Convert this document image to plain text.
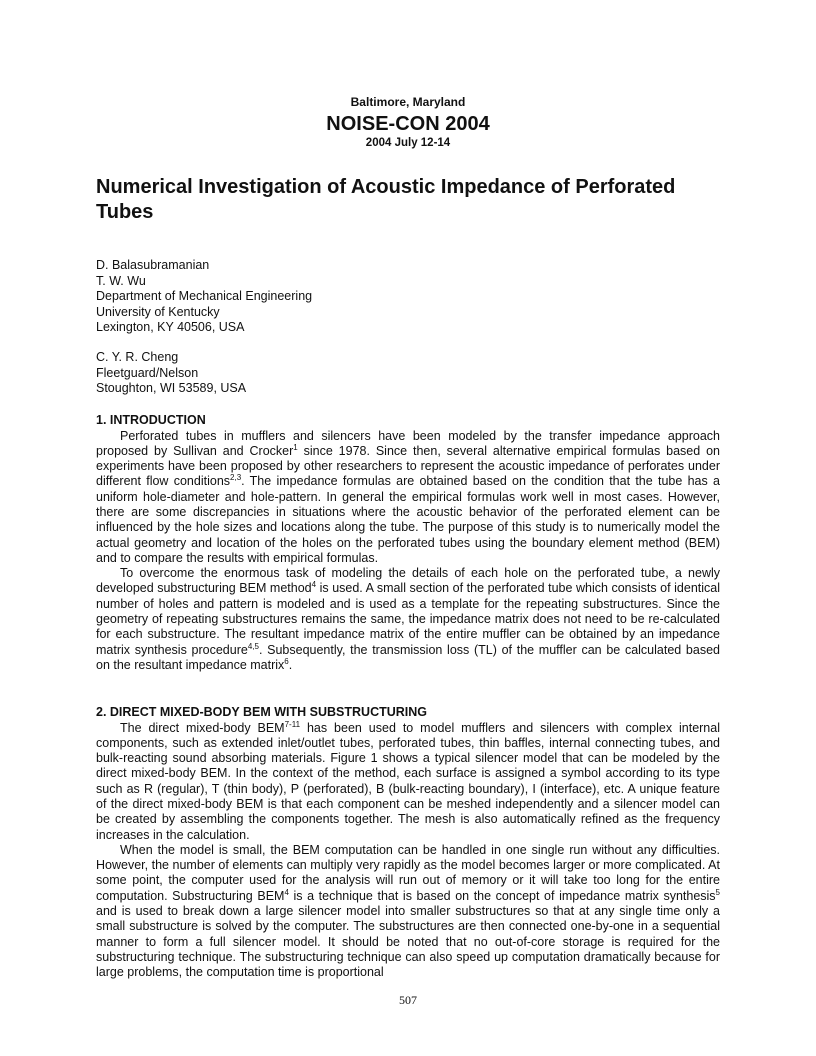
Baltimore, Maryland
NOISE-CON 2004
2004 July 12-14
Numerical Investigation of Acoustic Impedance of Perforated Tubes
D. Balasubramanian
T. W. Wu
Department of Mechanical Engineering
University of Kentucky
Lexington, KY 40506, USA
C. Y. R. Cheng
Fleetguard/Nelson
Stoughton, WI 53589, USA
1. INTRODUCTION

Perforated tubes in mufflers and silencers have been modeled by the transfer impedance approach proposed by Sullivan and Crocker$^1$ since 1978. Since then, several alternative empirical formulas based on experiments have been proposed by other researchers to represent the acoustic impedance of perforates under different flow conditions$^{2,3}$. The impedance formulas are obtained based on the condition that the tube has a uniform hole-diameter and hole-pattern. In general the empirical formulas work well in most cases. However, there are some discrepancies in situations where the acoustic behavior of the perforated element can be influenced by the hole sizes and locations along the tube. The purpose of this study is to numerically model the actual geometry and location of the holes on the perforated tubes using the boundary element method (BEM) and to compare the results with empirical formulas.

To overcome the enormous task of modeling the details of each hole on the perforated tube, a newly developed substructuring BEM method$^4$ is used. A small section of the perforated tube which consists of identical number of holes and pattern is modeled and is used as a template for the repeating substructures. Since the geometry of repeating substructures remains the same, the impedance matrix does not need to be re-calculated for each substructure. The resultant impedance matrix of the entire muffler can be obtained by an impedance matrix synthesis procedure$^{4,5}$. Subsequently, the transmission loss (TL) of the muffler can be calculated based on the resultant impedance matrix$^6$.

2. DIRECT MIXED-BODY BEM WITH SUBSTRUCTURING

The direct mixed-body BEM$^{7-11}$ has been used to model mufflers and silencers with complex internal components, such as extended inlet/outlet tubes, perforated tubes, thin baffles, internal connecting tubes, and bulk-reacting sound absorbing materials. Figure 1 shows a typical silencer model that can be modeled by the direct mixed-body BEM. In the context of the method, each surface is assigned a symbol according to its type such as R (regular), T (thin body), P (perforated), B (bulk-reacting boundary), I (interface), etc. A unique feature of the direct mixed-body BEM is that each component can be meshed independently and a silencer model can be created by assembling the components together. The mesh is also automatically refined as the frequency increases in the calculation.

When the model is small, the BEM computation can be handled in one single run without any difficulties. However, the number of elements can multiply very rapidly as the model becomes larger or more complicated. At some point, the computer used for the analysis will run out of memory or it will take too long for the entire computation. Substructuring BEM$^4$ is a technique that is based on the concept of impedance matrix synthesis$^5$ and is used to break down a large silencer model into smaller substructures so that at any single time only a small substructure is solved by the computer. The substructures are then connected one-by-one in a sequential manner to form a full silencer model. It should be noted that no out-of-core storage is required for the substructuring technique. The substructuring technique can also speed up computation dramatically because for large problems, the computation time is proportional

507
